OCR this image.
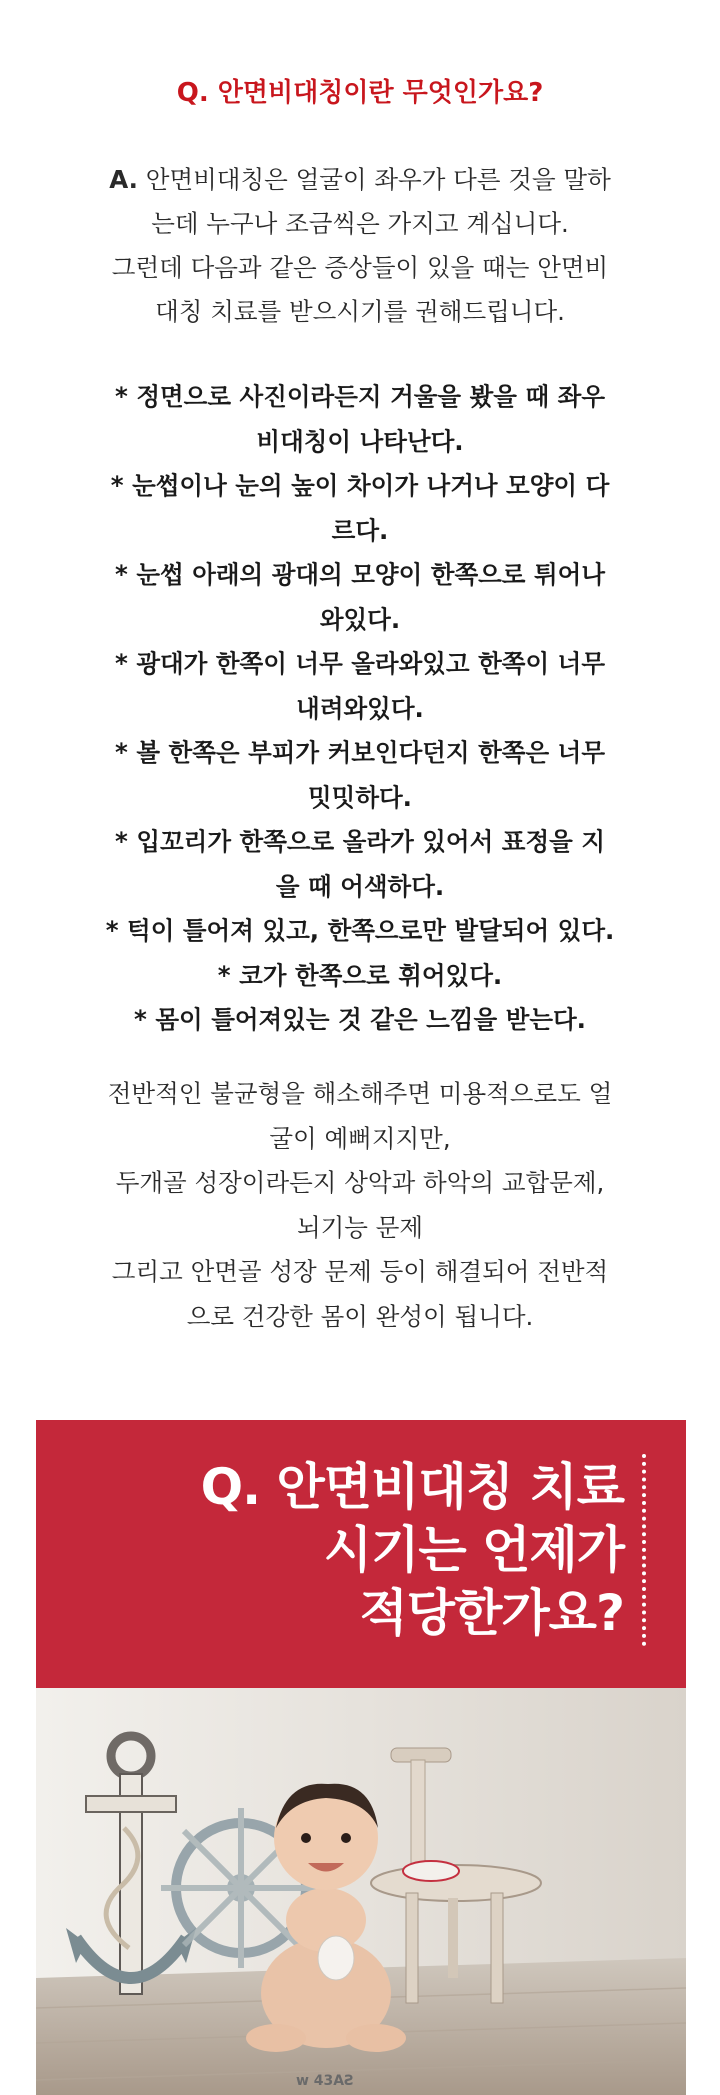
Q. 안면비대칭이란 무엇인가요?
A. 안면비대칭은 얼굴이 좌우가 다른 것을 말하
는데 누구나 조금씩은 가지고 계십니다.
그런데 다음과 같은 증상들이 있을 때는 안면비
대칭 치료를 받으시기를 권해드립니다.

* 정면으로 사진이라든지 거울을 봤을 때 좌우

비대칭이 나타난다.

* 눈썹이나 눈의 높이 차이가 나거나 모양이 다

르다.

* 눈썹 아래의 광대의 모양이 한쪽으로 튀어나

와있다.

* 광대가 한쪽이 너무 올라와있고 한쪽이 너무

내려와있다.

* 볼 한쪽은 부피가 커보인다던지 한쪽은 너무

밋밋하다.

* 입꼬리가 한쪽으로 올라가 있어서 표정을 지

을 때 어색하다.

* 턱이 틀어져 있고, 한쪽으로만 발달되어 있다.

* 코가 한쪽으로 휘어있다.

* 몸이 틀어져있는 것 같은 느낌을 받는다.

전반적인 불균형을 해소해주면 미용적으로도 얼

굴이 예뻐지지만,

두개골 성장이라든지 상악과 하악의 교합문제,

뇌기능 문제

그리고 안면골 성장 문제 등이 해결되어 전반적

으로 건강한 몸이 완성이 됩니다.

Q. 안면비대칭 치료
시기는 언제가
적당한가요?
ᴡ 43AƧ
